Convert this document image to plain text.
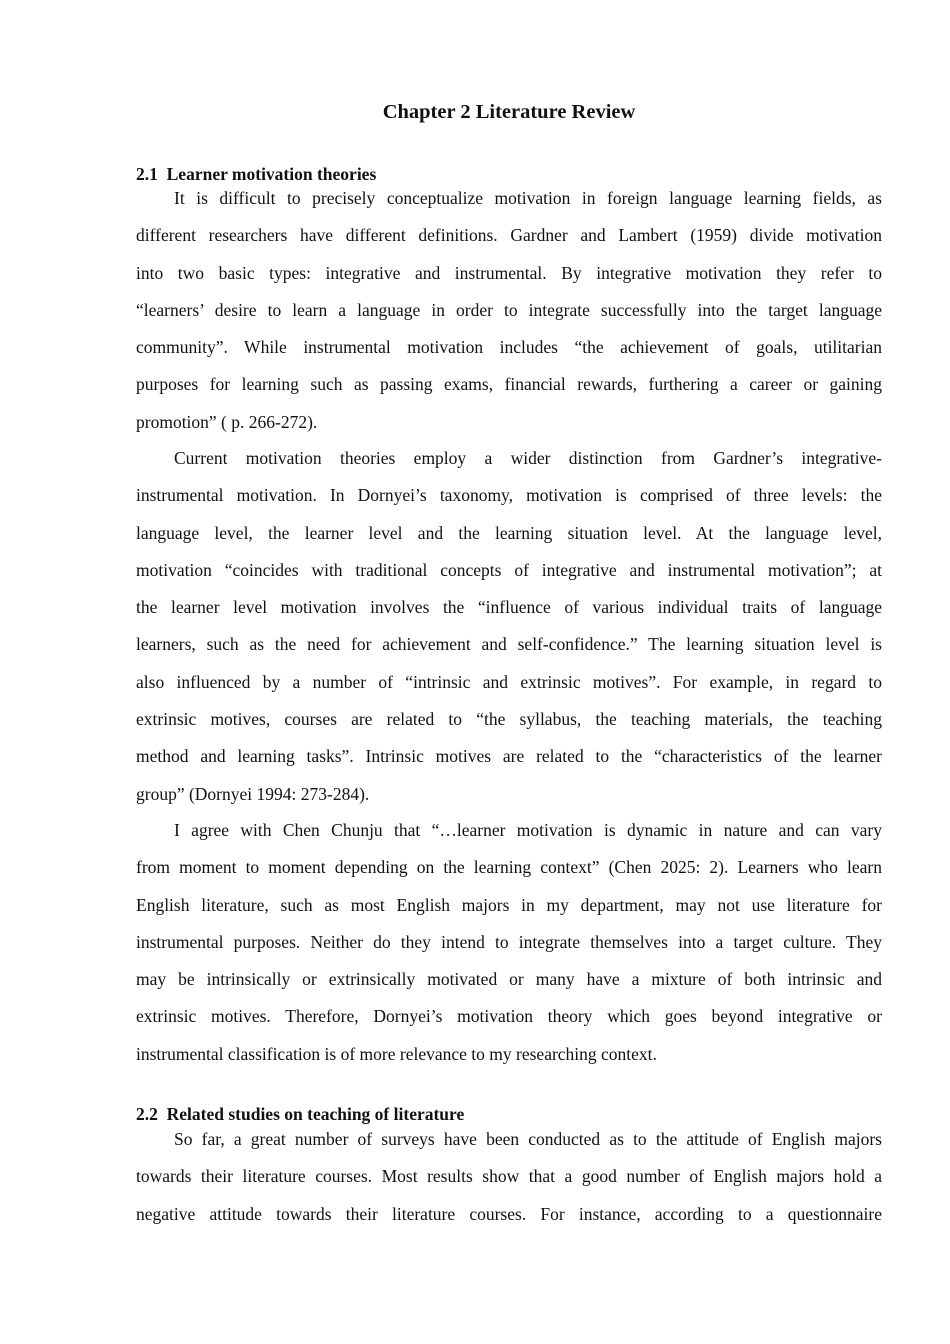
Chapter 2 Literature Review
2.1  Learner motivation theories
It is difficult to precisely conceptualize motivation in foreign language learning fields, as
different researchers have different definitions. Gardner and Lambert (1959) divide motivation
into two basic types: integrative and instrumental. By integrative motivation they refer to
“learners’ desire to learn a language in order to integrate successfully into the target language
community”. While instrumental motivation includes “the achievement of goals, utilitarian
purposes for learning such as passing exams, financial rewards, furthering a career or gaining
promotion” ( p. 266-272).
Current motivation theories employ a wider distinction from Gardner’s integrative-
instrumental motivation. In Dornyei’s taxonomy, motivation is comprised of three levels: the
language level, the learner level and the learning situation level. At the language level,
motivation “coincides with traditional concepts of integrative and instrumental motivation”; at
the learner level motivation involves the “influence of various individual traits of language
learners, such as the need for achievement and self-confidence.” The learning situation level is
also influenced by a number of “intrinsic and extrinsic motives”. For example, in regard to
extrinsic motives, courses are related to “the syllabus, the teaching materials, the teaching
method and learning tasks”. Intrinsic motives are related to the “characteristics of the learner
group” (Dornyei 1994: 273-284).
I agree with Chen Chunju that “…learner motivation is dynamic in nature and can vary
from moment to moment depending on the learning context” (Chen 2025: 2). Learners who learn
English literature, such as most English majors in my department, may not use literature for
instrumental purposes. Neither do they intend to integrate themselves into a target culture. They
may be intrinsically or extrinsically motivated or many have a mixture of both intrinsic and
extrinsic motives. Therefore, Dornyei’s motivation theory which goes beyond integrative or
instrumental classification is of more relevance to my researching context.
2.2  Related studies on teaching of literature
So far, a great number of surveys have been conducted as to the attitude of English majors
towards their literature courses. Most results show that a good number of English majors hold a
negative attitude towards their literature courses. For instance, according to a questionnaire
